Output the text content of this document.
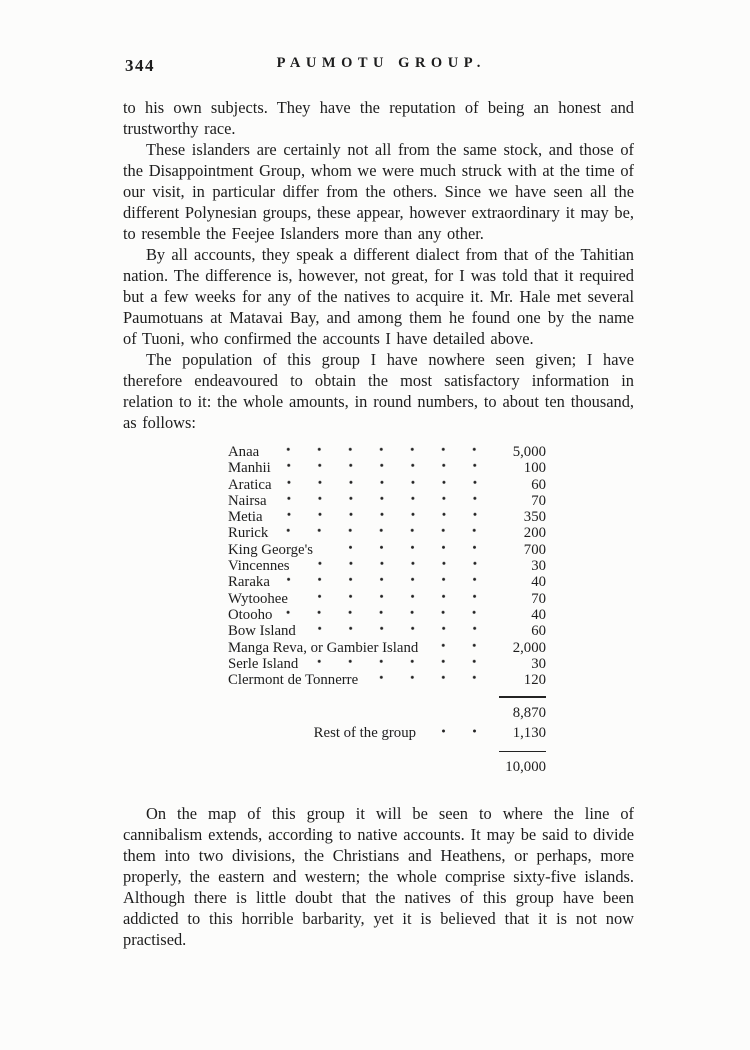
344	PAUMOTU GROUP.

to his own subjects. They have the reputation of being an honest and trustworthy race.

These islanders are certainly not all from the same stock, and those of the Disappointment Group, whom we were much struck with at the time of our visit, in particular differ from the others. Since we have seen all the different Polynesian groups, these appear, however extraordinary it may be, to resemble the Feejee Islanders more than any other.

By all accounts, they speak a different dialect from that of the Tahitian nation. The difference is, however, not great, for I was told that it required but a few weeks for any of the natives to acquire it. Mr. Hale met several Paumotuans at Matavai Bay, and among them he found one by the name of Tuoni, who confirmed the accounts I have detailed above.

The population of this group I have nowhere seen given; I have therefore endeavoured to obtain the most satisfactory information in relation to it: the whole amounts, in round numbers, to about ten thousand, as follows:

Anaa	5,000
Manhii	100
Aratica	60
Nairsa	70
Metia	350
Rurick	200
King George's	700
Vincennes	30
Raraka	40
Wytoohee	70
Otooho	40
Bow Island	60
Manga Reva, or Gambier Island	2,000
Serle Island	30
Clermont de Tonnerre	120
8,870
Rest of the group	1,130
10,000

On the map of this group it will be seen to where the line of cannibalism extends, according to native accounts. It may be said to divide them into two divisions, the Christians and Heathens, or perhaps, more properly, the eastern and western; the whole comprise sixty-five islands. Although there is little doubt that the natives of this group have been addicted to this horrible barbarity, yet it is believed that it is not now practised.
